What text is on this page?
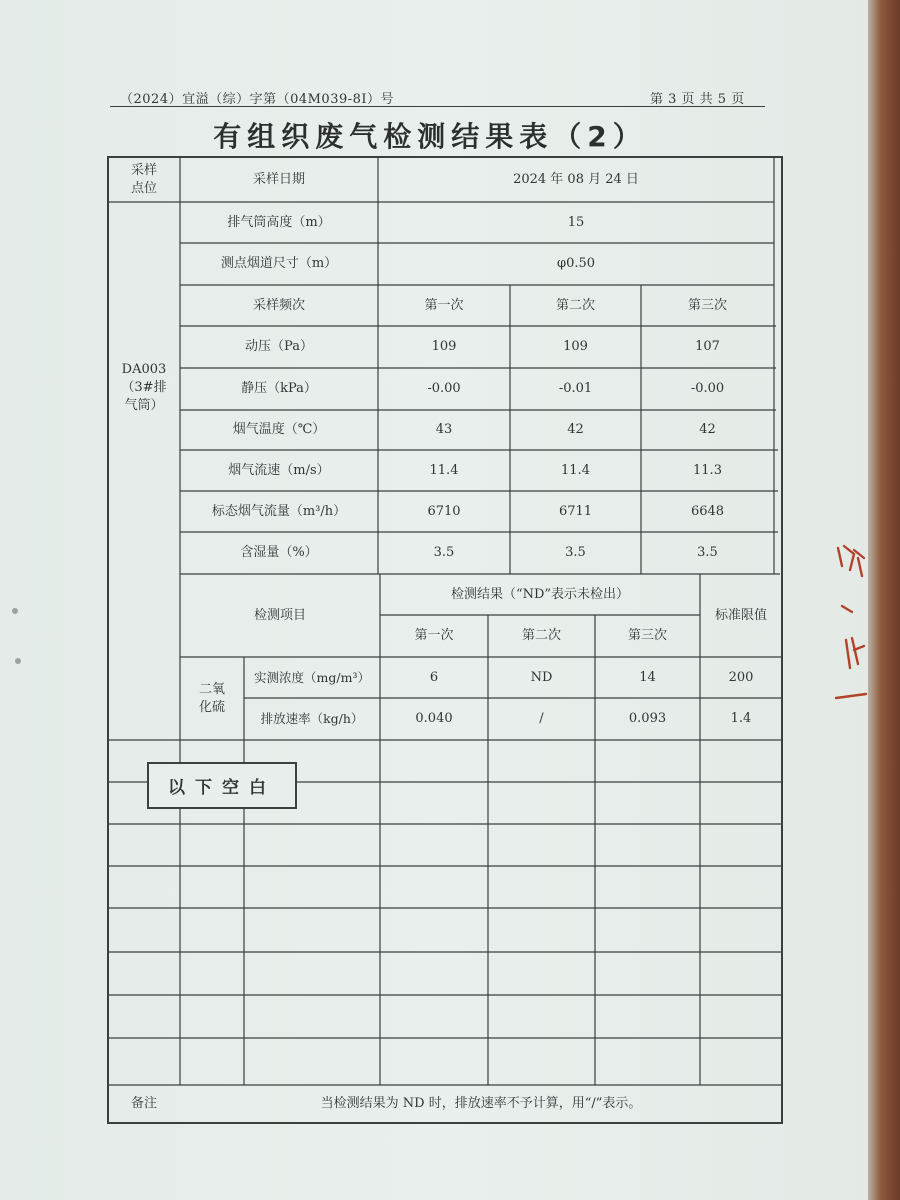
（2024）宜溢（综）字第（04M039-8I）号	第 3 页 共 5 页
有组织废气检测结果表（2）
采样
点位
采样日期	2024 年 08 月 24 日
DA003
（3#排
气筒）
排气筒高度（m）	15
测点烟道尺寸（m）	φ0.50
采样频次	第一次	第二次	第三次
动压（Pa）	109	109	107
静压（kPa）	-0.00	-0.01	-0.00
烟气温度（℃）	43	42	42
烟气流速（m/s）	11.4	11.4	11.3
标态烟气流量（m³/h）	6710	6711	6648
含湿量（%）	3.5	3.5	3.5
检测项目
检测结果（“ND”表示未检出）
标准限值
第一次	第二次	第三次
二氧
化硫
实测浓度（mg/m³）	6	ND	14	200
排放速率（kg/h）	0.040	/	0.093	1.4
以下空白
备注	当检测结果为 ND 时，排放速率不予计算，用“/”表示。
